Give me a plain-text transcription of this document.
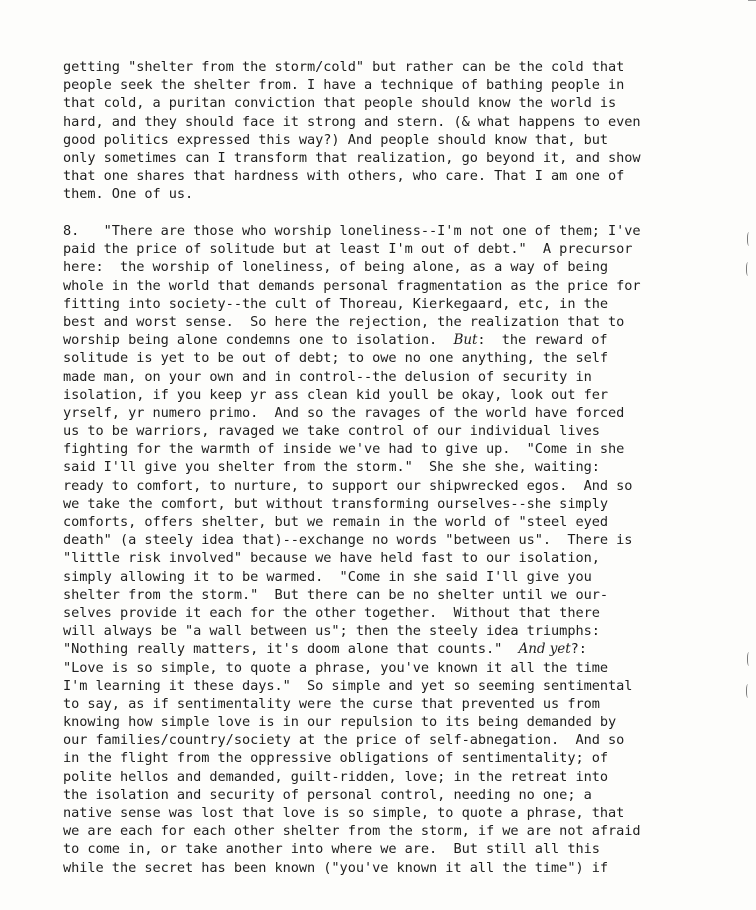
getting "shelter from the storm/cold" but rather can be the cold that
people seek the shelter from. I have a technique of bathing people in
that cold, a puritan conviction that people should know the world is
hard, and they should face it strong and stern. (& what happens to even
good politics expressed this way?) And people should know that, but
only sometimes can I transform that realization, go beyond it, and show
that one shares that hardness with others, who care. That I am one of
them. One of us.
8.   "There are those who worship loneliness--I'm not one of them; I've
paid the price of solitude but at least I'm out of debt."  A precursor
here:  the worship of loneliness, of being alone, as a way of being
whole in the world that demands personal fragmentation as the price for
fitting into society--the cult of Thoreau, Kierkegaard, etc, in the
best and worst sense.  So here the rejection, the realization that to
worship being alone condemns one to isolation.  But:  the reward of
solitude is yet to be out of debt; to owe no one anything, the self
made man, on your own and in control--the delusion of security in
isolation, if you keep yr ass clean kid youll be okay, look out fer
yrself, yr numero primo.  And so the ravages of the world have forced
us to be warriors, ravaged we take control of our individual lives
fighting for the warmth of inside we've had to give up.  "Come in she
said I'll give you shelter from the storm."  She she she, waiting:
ready to comfort, to nurture, to support our shipwrecked egos.  And so
we take the comfort, but without transforming ourselves--she simply
comforts, offers shelter, but we remain in the world of "steel eyed
death" (a steely idea that)--exchange no words "between us".  There is
"little risk involved" because we have held fast to our isolation,
simply allowing it to be warmed.  "Come in she said I'll give you
shelter from the storm."  But there can be no shelter until we our-
selves provide it each for the other together.  Without that there
will always be "a wall between us"; then the steely idea triumphs:
"Nothing really matters, it's doom alone that counts."  And yet?:
"Love is so simple, to quote a phrase, you've known it all the time
I'm learning it these days."  So simple and yet so seeming sentimental
to say, as if sentimentality were the curse that prevented us from
knowing how simple love is in our repulsion to its being demanded by
our families/country/society at the price of self-abnegation.  And so
in the flight from the oppressive obligations of sentimentality; of
polite hellos and demanded, guilt-ridden, love; in the retreat into
the isolation and security of personal control, needing no one; a
native sense was lost that love is so simple, to quote a phrase, that
we are each for each other shelter from the storm, if we are not afraid
to come in, or take another into where we are.  But still all this
while the secret has been known ("you've known it all the time") if
